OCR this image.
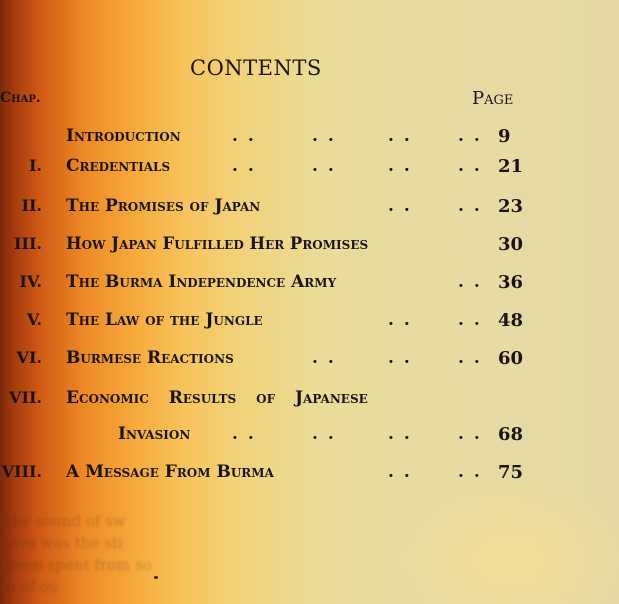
CONTENTS
Chap.	Page
Introduction	. .	. .	. .	. . 9
I. Credentials	. .	. .	. .	. . 21
II. The Promises of Japan	. .	. . 23
III. How Japan Fulfilled Her Promises	30
IV. The Burma Independence Army	. . 36
V. The Law of the Jungle	. .	. . 48
VI. Burmese Reactions	. .	. .	. . 60
VII. Economic Results of Japanese
Invasion . .	. .	. .	. . 68
VIII. A Message From Burma	. .	. . 75
the sound of sw
sive was the sti
been spent from so
n of ou
